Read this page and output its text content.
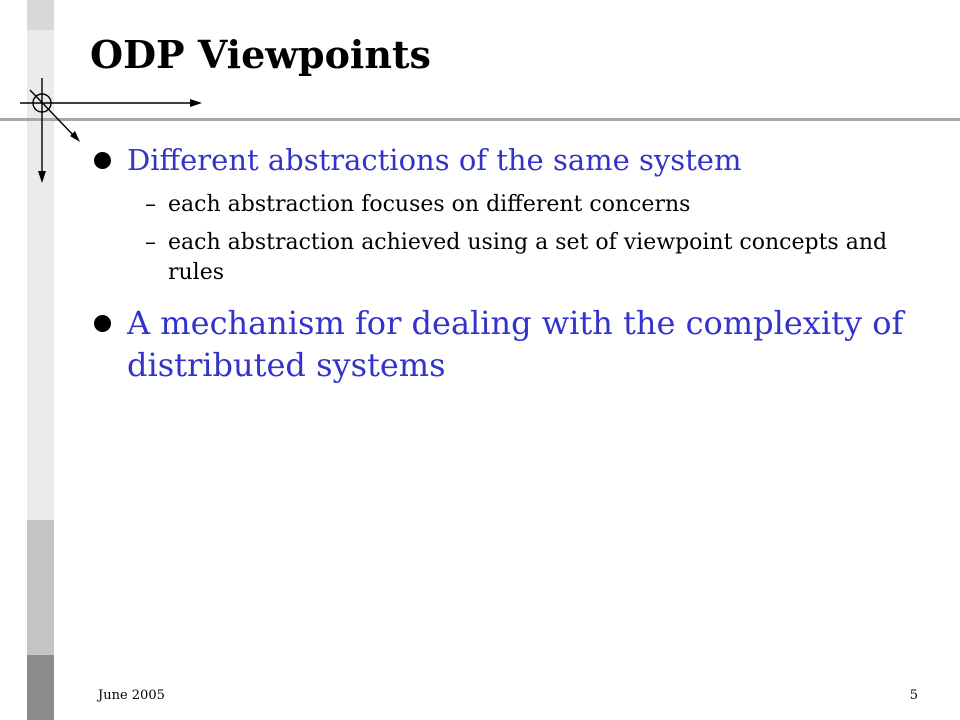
ODP Viewpoints
Different abstractions of the same system
– each abstraction focuses on different concerns
– each abstraction achieved using a set of viewpoint concepts and rules
A mechanism for dealing with the complexity of distributed systems
June 2005	5
